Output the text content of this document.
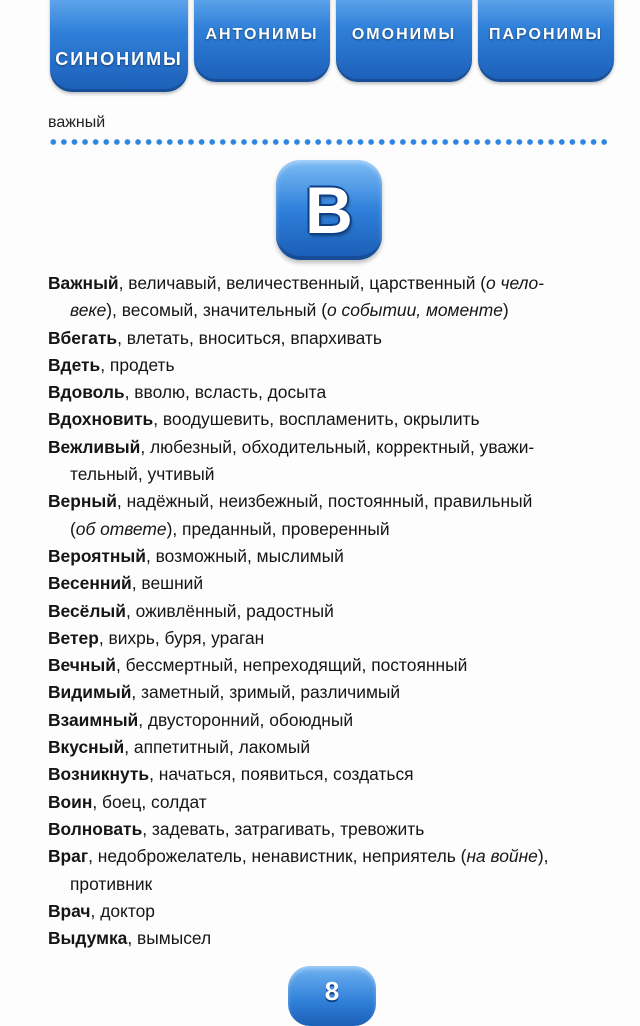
СИНОНИМЫ
АНТОНИМЫ	ОМОНИМЫ	ПАРОНИМЫ
важный
В
Важный, величавый, величественный, царственный (о чело-
веке), весомый, значительный (о событии, моменте)
Вбегать, влетать, вноситься, впархивать
Вдеть, продеть
Вдоволь, вволю, всласть, досыта
Вдохновить, воодушевить, воспламенить, окрылить
Вежливый, любезный, обходительный, корректный, уважи-
тельный, учтивый
Верный, надёжный, неизбежный, постоянный, правильный
(об ответе), преданный, проверенный
Вероятный, возможный, мыслимый
Весенний, вешний
Весёлый, оживлённый, радостный
Ветер, вихрь, буря, ураган
Вечный, бессмертный, непреходящий, постоянный
Видимый, заметный, зримый, различимый
Взаимный, двусторонний, обоюдный
Вкусный, аппетитный, лакомый
Возникнуть, начаться, появиться, создаться
Воин, боец, солдат
Волновать, задевать, затрагивать, тревожить
Враг, недоброжелатель, ненавистник, неприятель (на войне),
противник
Врач, доктор
Выдумка, вымысел
8
